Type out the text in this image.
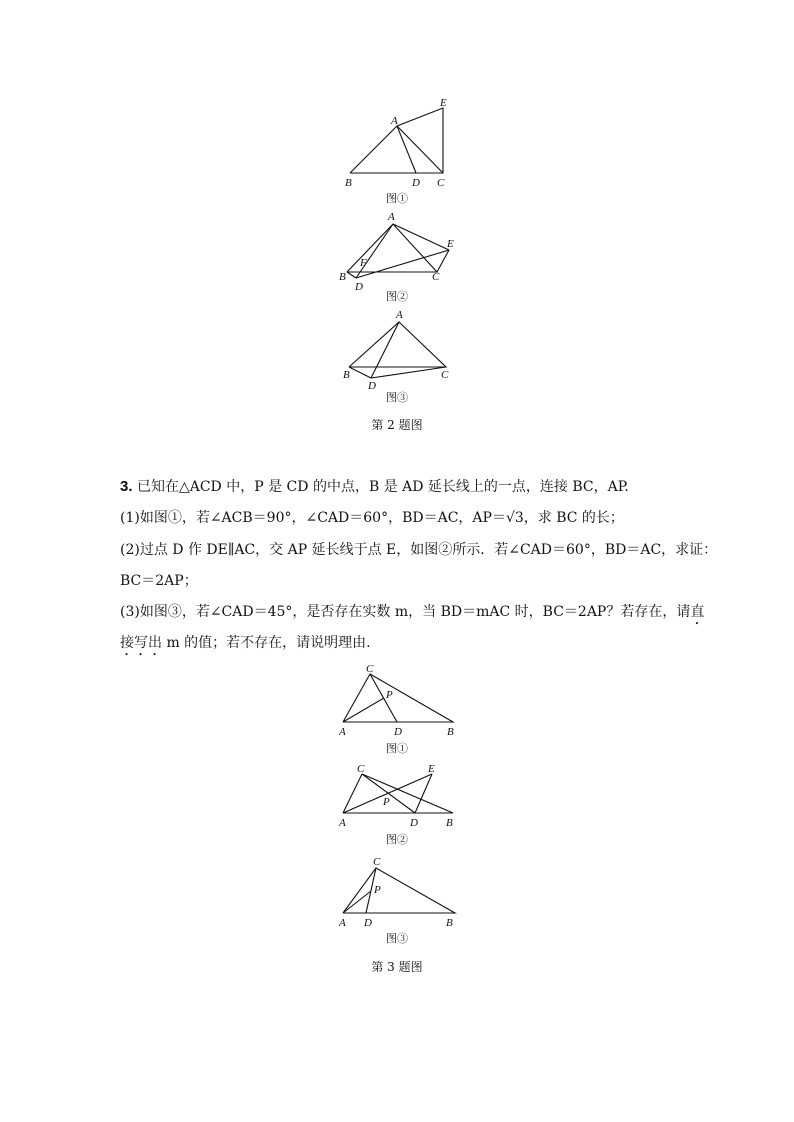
A
E
B	D C
A
E
F
B
D
C
A
B
D
C
图①
图②
图③
第 2 题图
3. 已知在△ACD 中，P 是 CD 的中点，B 是 AD 延长线上的一点，连接 BC，AP.
(1)如图①，若∠ACB＝90°，∠CAD＝60°，BD＝AC，AP＝√3，求 BC 的长；
(2)过点 D 作 DE∥AC，交 AP 延长线于点 E，如图②所示．若∠CAD＝60°，BD＝AC，求证：
BC＝2AP；
(3)如图③，若∠CAD＝45°，是否存在实数 m，当 BD＝mAC 时，BC＝2AP？若存在，请直
接写出 m 的值；若不存在，请说明理由.
C
P
A	D	B
C	E
P
A	D	B
C
P
A D	B
图①
图②
图③
第 3 题图
